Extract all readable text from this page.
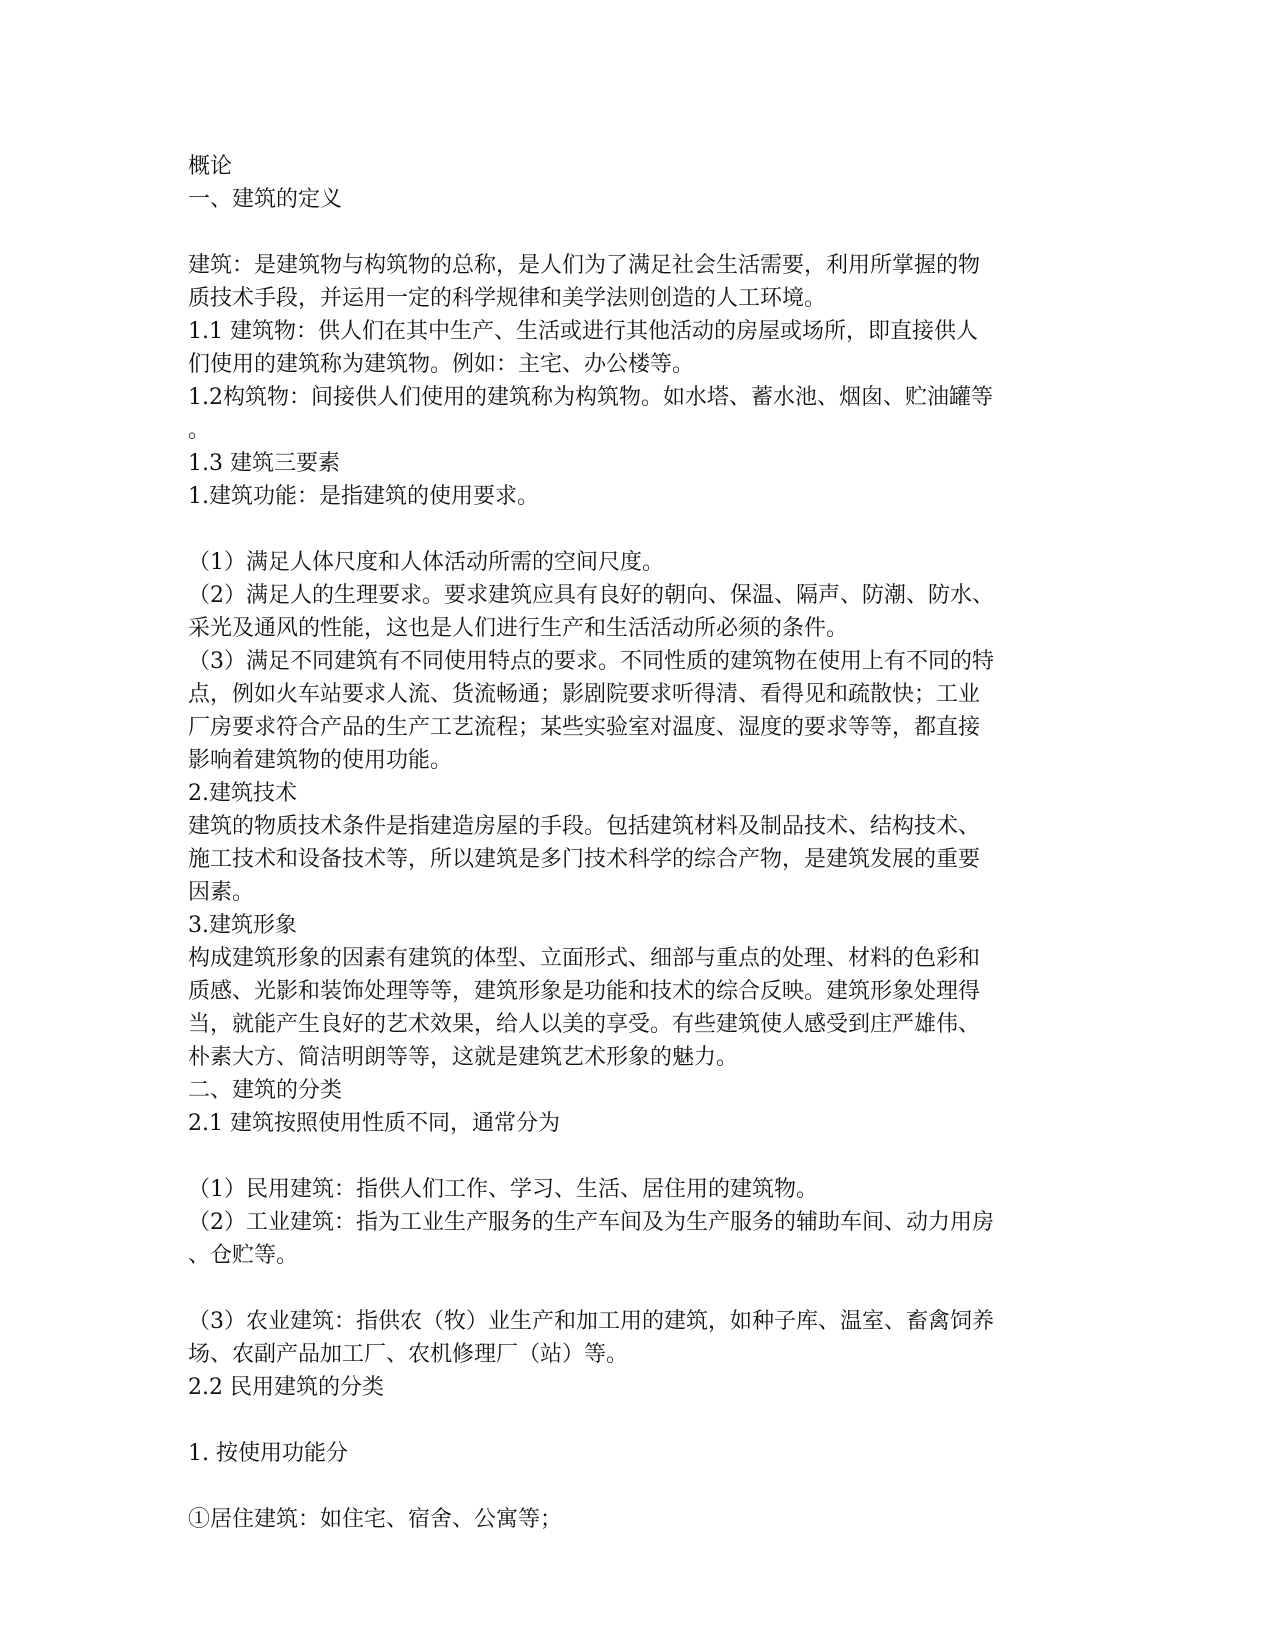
概论
一、建筑的定义
建筑：是建筑物与构筑物的总称，是人们为了满足社会生活需要，利用所掌握的物
质技术手段，并运用一定的科学规律和美学法则创造的人工环境。
1.1 建筑物：供人们在其中生产、生活或进行其他活动的房屋或场所，即直接供人
们使用的建筑称为建筑物。例如：主宅、办公楼等。
1.2构筑物：间接供人们使用的建筑称为构筑物。如水塔、蓄水池、烟囱、贮油罐等
。
1.3 建筑三要素
1.建筑功能：是指建筑的使用要求。
（1）满足人体尺度和人体活动所需的空间尺度。
（2）满足人的生理要求。要求建筑应具有良好的朝向、保温、隔声、防潮、防水、
采光及通风的性能，这也是人们进行生产和生活活动所必须的条件。
（3）满足不同建筑有不同使用特点的要求。不同性质的建筑物在使用上有不同的特
点，例如火车站要求人流、货流畅通；影剧院要求听得清、看得见和疏散快；工业
厂房要求符合产品的生产工艺流程；某些实验室对温度、湿度的要求等等，都直接
影响着建筑物的使用功能。
2.建筑技术
建筑的物质技术条件是指建造房屋的手段。包括建筑材料及制品技术、结构技术、
施工技术和设备技术等，所以建筑是多门技术科学的综合产物，是建筑发展的重要
因素。
3.建筑形象
构成建筑形象的因素有建筑的体型、立面形式、细部与重点的处理、材料的色彩和
质感、光影和装饰处理等等，建筑形象是功能和技术的综合反映。建筑形象处理得
当，就能产生良好的艺术效果，给人以美的享受。有些建筑使人感受到庄严雄伟、
朴素大方、简洁明朗等等，这就是建筑艺术形象的魅力。
二、建筑的分类
2.1 建筑按照使用性质不同，通常分为
（1）民用建筑：指供人们工作、学习、生活、居住用的建筑物。
（2）工业建筑：指为工业生产服务的生产车间及为生产服务的辅助车间、动力用房
、仓贮等。
（3）农业建筑：指供农（牧）业生产和加工用的建筑，如种子库、温室、畜禽饲养
场、农副产品加工厂、农机修理厂（站）等。
2.2 民用建筑的分类
1. 按使用功能分
①居住建筑：如住宅、宿舍、公寓等；
